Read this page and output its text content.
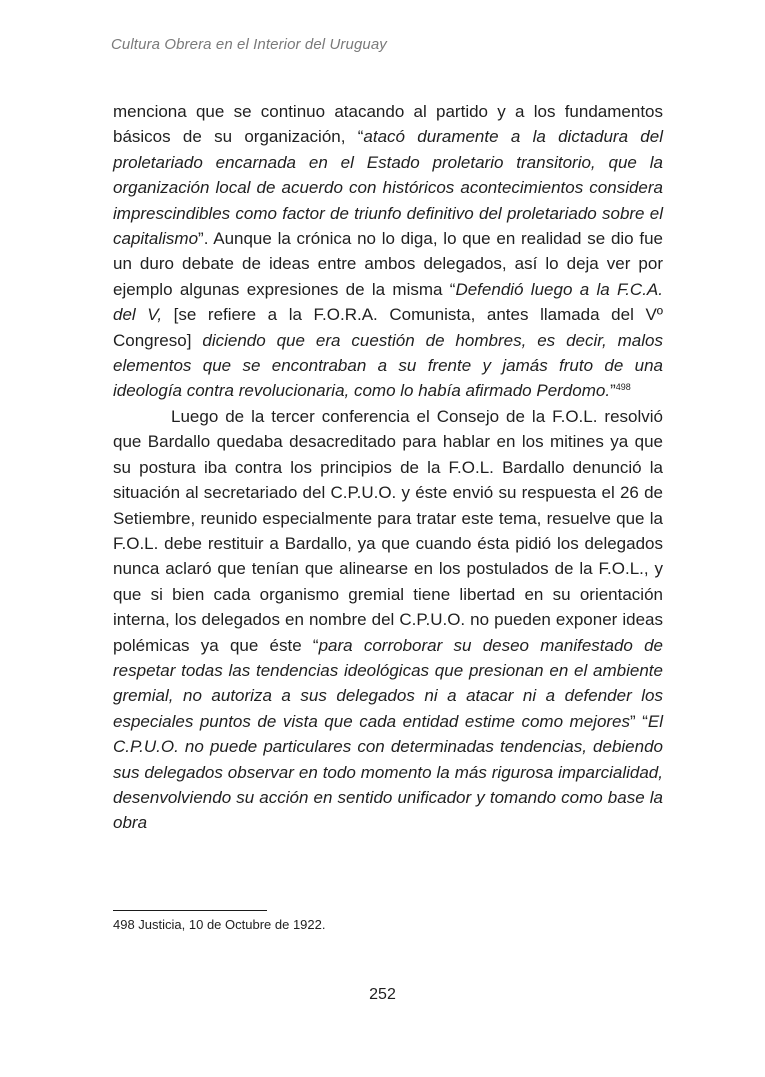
Cultura Obrera en el Interior del Uruguay

menciona que se continuo atacando al partido y a los fundamentos básicos de su organización, “atacó duramente a la dictadura del proletariado encarnada en el Estado proletario transitorio, que la organización local de acuerdo con históricos acontecimientos considera imprescindibles como factor de triunfo definitivo del proletariado sobre el capitalismo”. Aunque la crónica no lo diga, lo que en realidad se dio fue un duro debate de ideas entre ambos delegados, así lo deja ver por ejemplo algunas expresiones de la misma “Defendió luego a la F.C.A. del V, [se refiere a la F.O.R.A. Comunista, antes llamada del Vº Congreso] diciendo que era cuestión de hombres, es decir, malos elementos que se encontraban a su frente y jamás fruto de una ideología contra revolucionaria, como lo había afirmado Perdomo.”$^{498}$

Luego de la tercer conferencia el Consejo de la F.O.L. resolvió que Bardallo quedaba desacreditado para hablar en los mitines ya que su postura iba contra los principios de la F.O.L. Bardallo denunció la situación al secretariado del C.P.U.O. y éste envió su respuesta el 26 de Setiembre, reunido especialmente para tratar este tema, resuelve que la F.O.L. debe restituir a Bardallo, ya que cuando ésta pidió los delegados nunca aclaró que tenían que alinearse en los postulados de la F.O.L., y que si bien cada organismo gremial tiene libertad en su orientación interna, los delegados en nombre del C.P.U.O. no pueden exponer ideas polémicas ya que éste “para corroborar su deseo manifestado de respetar todas las tendencias ideológicas que presionan en el ambiente gremial, no autoriza a sus delegados ni a atacar ni a defender los especiales puntos de vista que cada entidad estime como mejores” “El C.P.U.O. no puede particulares con determinadas tendencias, debiendo sus delegados observar en todo momento la más rigurosa imparcialidad, desenvolviendo su acción en sentido unificador y tomando como base la obra

498 Justicia, 10 de Octubre de 1922.
252
